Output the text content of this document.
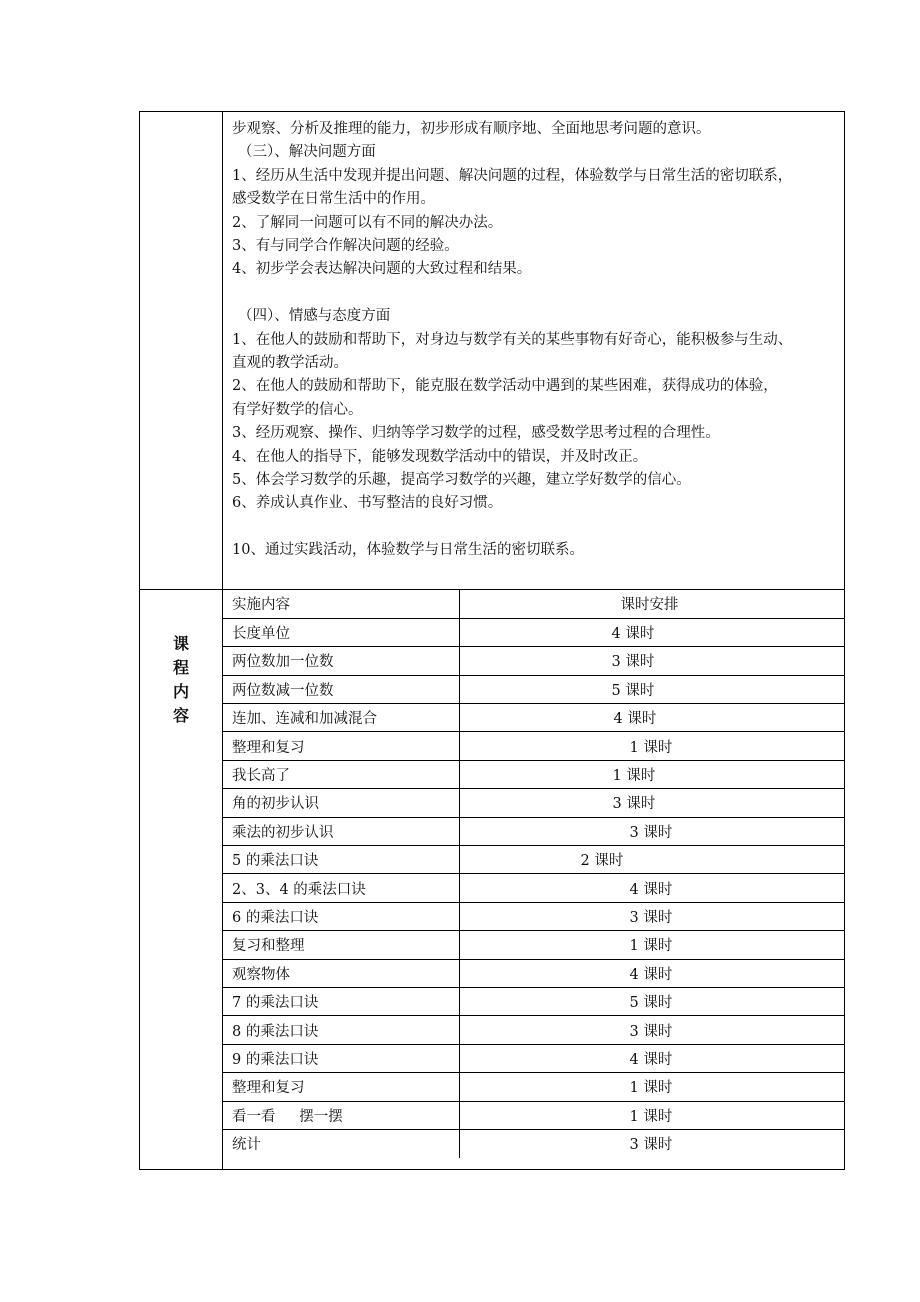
步观察、分析及推理的能力，初步形成有顺序地、全面地思考问题的意识。

（三）、解决问题方面

1、经历从生活中发现并提出问题、解决问题的过程，体验数学与日常生活的密切联系，

感受数学在日常生活中的作用。

2、了解同一问题可以有不同的解决办法。

3、有与同学合作解决问题的经验。

4、初步学会表达解决问题的大致过程和结果。

（四）、情感与态度方面

1、在他人的鼓励和帮助下，对身边与数学有关的某些事物有好奇心，能积极参与生动、

直观的教学活动。

2、在他人的鼓励和帮助下，能克服在数学活动中遇到的某些困难，获得成功的体验，

有学好数学的信心。

3、经历观察、操作、归纳等学习数学的过程，感受数学思考过程的合理性。

4、在他人的指导下，能够发现数学活动中的错误，并及时改正。

5、体会学习数学的乐趣，提高学习数学的兴趣，建立学好数学的信心。

6、养成认真作业、书写整洁的良好习惯。

10、通过实践活动，体验数学与日常生活的密切联系。

课
程
内
容
实施内容	课时安排
长度单位	4 课时
两位数加一位数	3 课时
两位数减一位数	5 课时
连加、连减和加减混合	4 课时
整理和复习	1 课时
我长高了	1 课时
角的初步认识	3 课时
乘法的初步认识	3 课时
5 的乘法口诀	2 课时
2、3、4 的乘法口诀	4 课时
6 的乘法口诀	3 课时
复习和整理	1 课时
观察物体	4 课时
7 的乘法口诀	5 课时
8 的乘法口诀	3 课时
9 的乘法口诀	4 课时
整理和复习	1 课时
看一看　  摆一摆	1 课时
统计	3 课时
